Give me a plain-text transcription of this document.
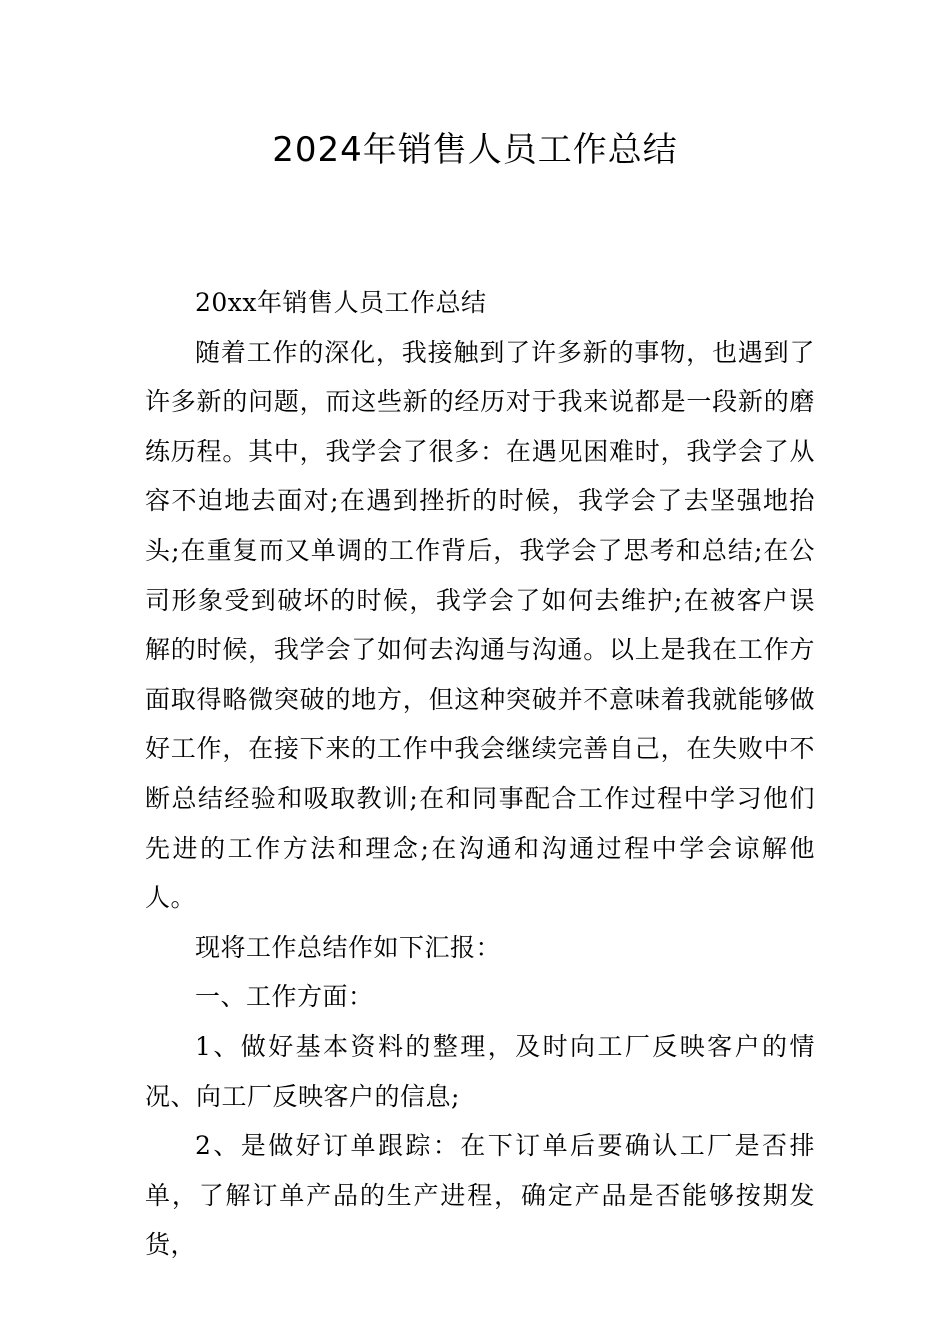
2024年销售人员工作总结

20xx年销售人员工作总结

随着工作的深化，我接触到了许多新的事物，也遇到了许多新的问题，而这些新的经历对于我来说都是一段新的磨练历程。其中，我学会了很多：在遇见困难时，我学会了从容不迫地去面对;在遇到挫折的时候，我学会了去坚强地抬头;在重复而又单调的工作背后，我学会了思考和总结;在公司形象受到破坏的时候，我学会了如何去维护;在被客户误解的时候，我学会了如何去沟通与沟通。以上是我在工作方面取得略微突破的地方，但这种突破并不意味着我就能够做好工作，在接下来的工作中我会继续完善自己，在失败中不断总结经验和吸取教训;在和同事配合工作过程中学习他们先进的工作方法和理念;在沟通和沟通过程中学会谅解他人。

现将工作总结作如下汇报：

一、工作方面：

1、做好基本资料的整理，及时向工厂反映客户的情况、向工厂反映客户的信息;

2、是做好订单跟踪：在下订单后要确认工厂是否排单，了解订单产品的生产进程，确定产品是否能够按期发货，
